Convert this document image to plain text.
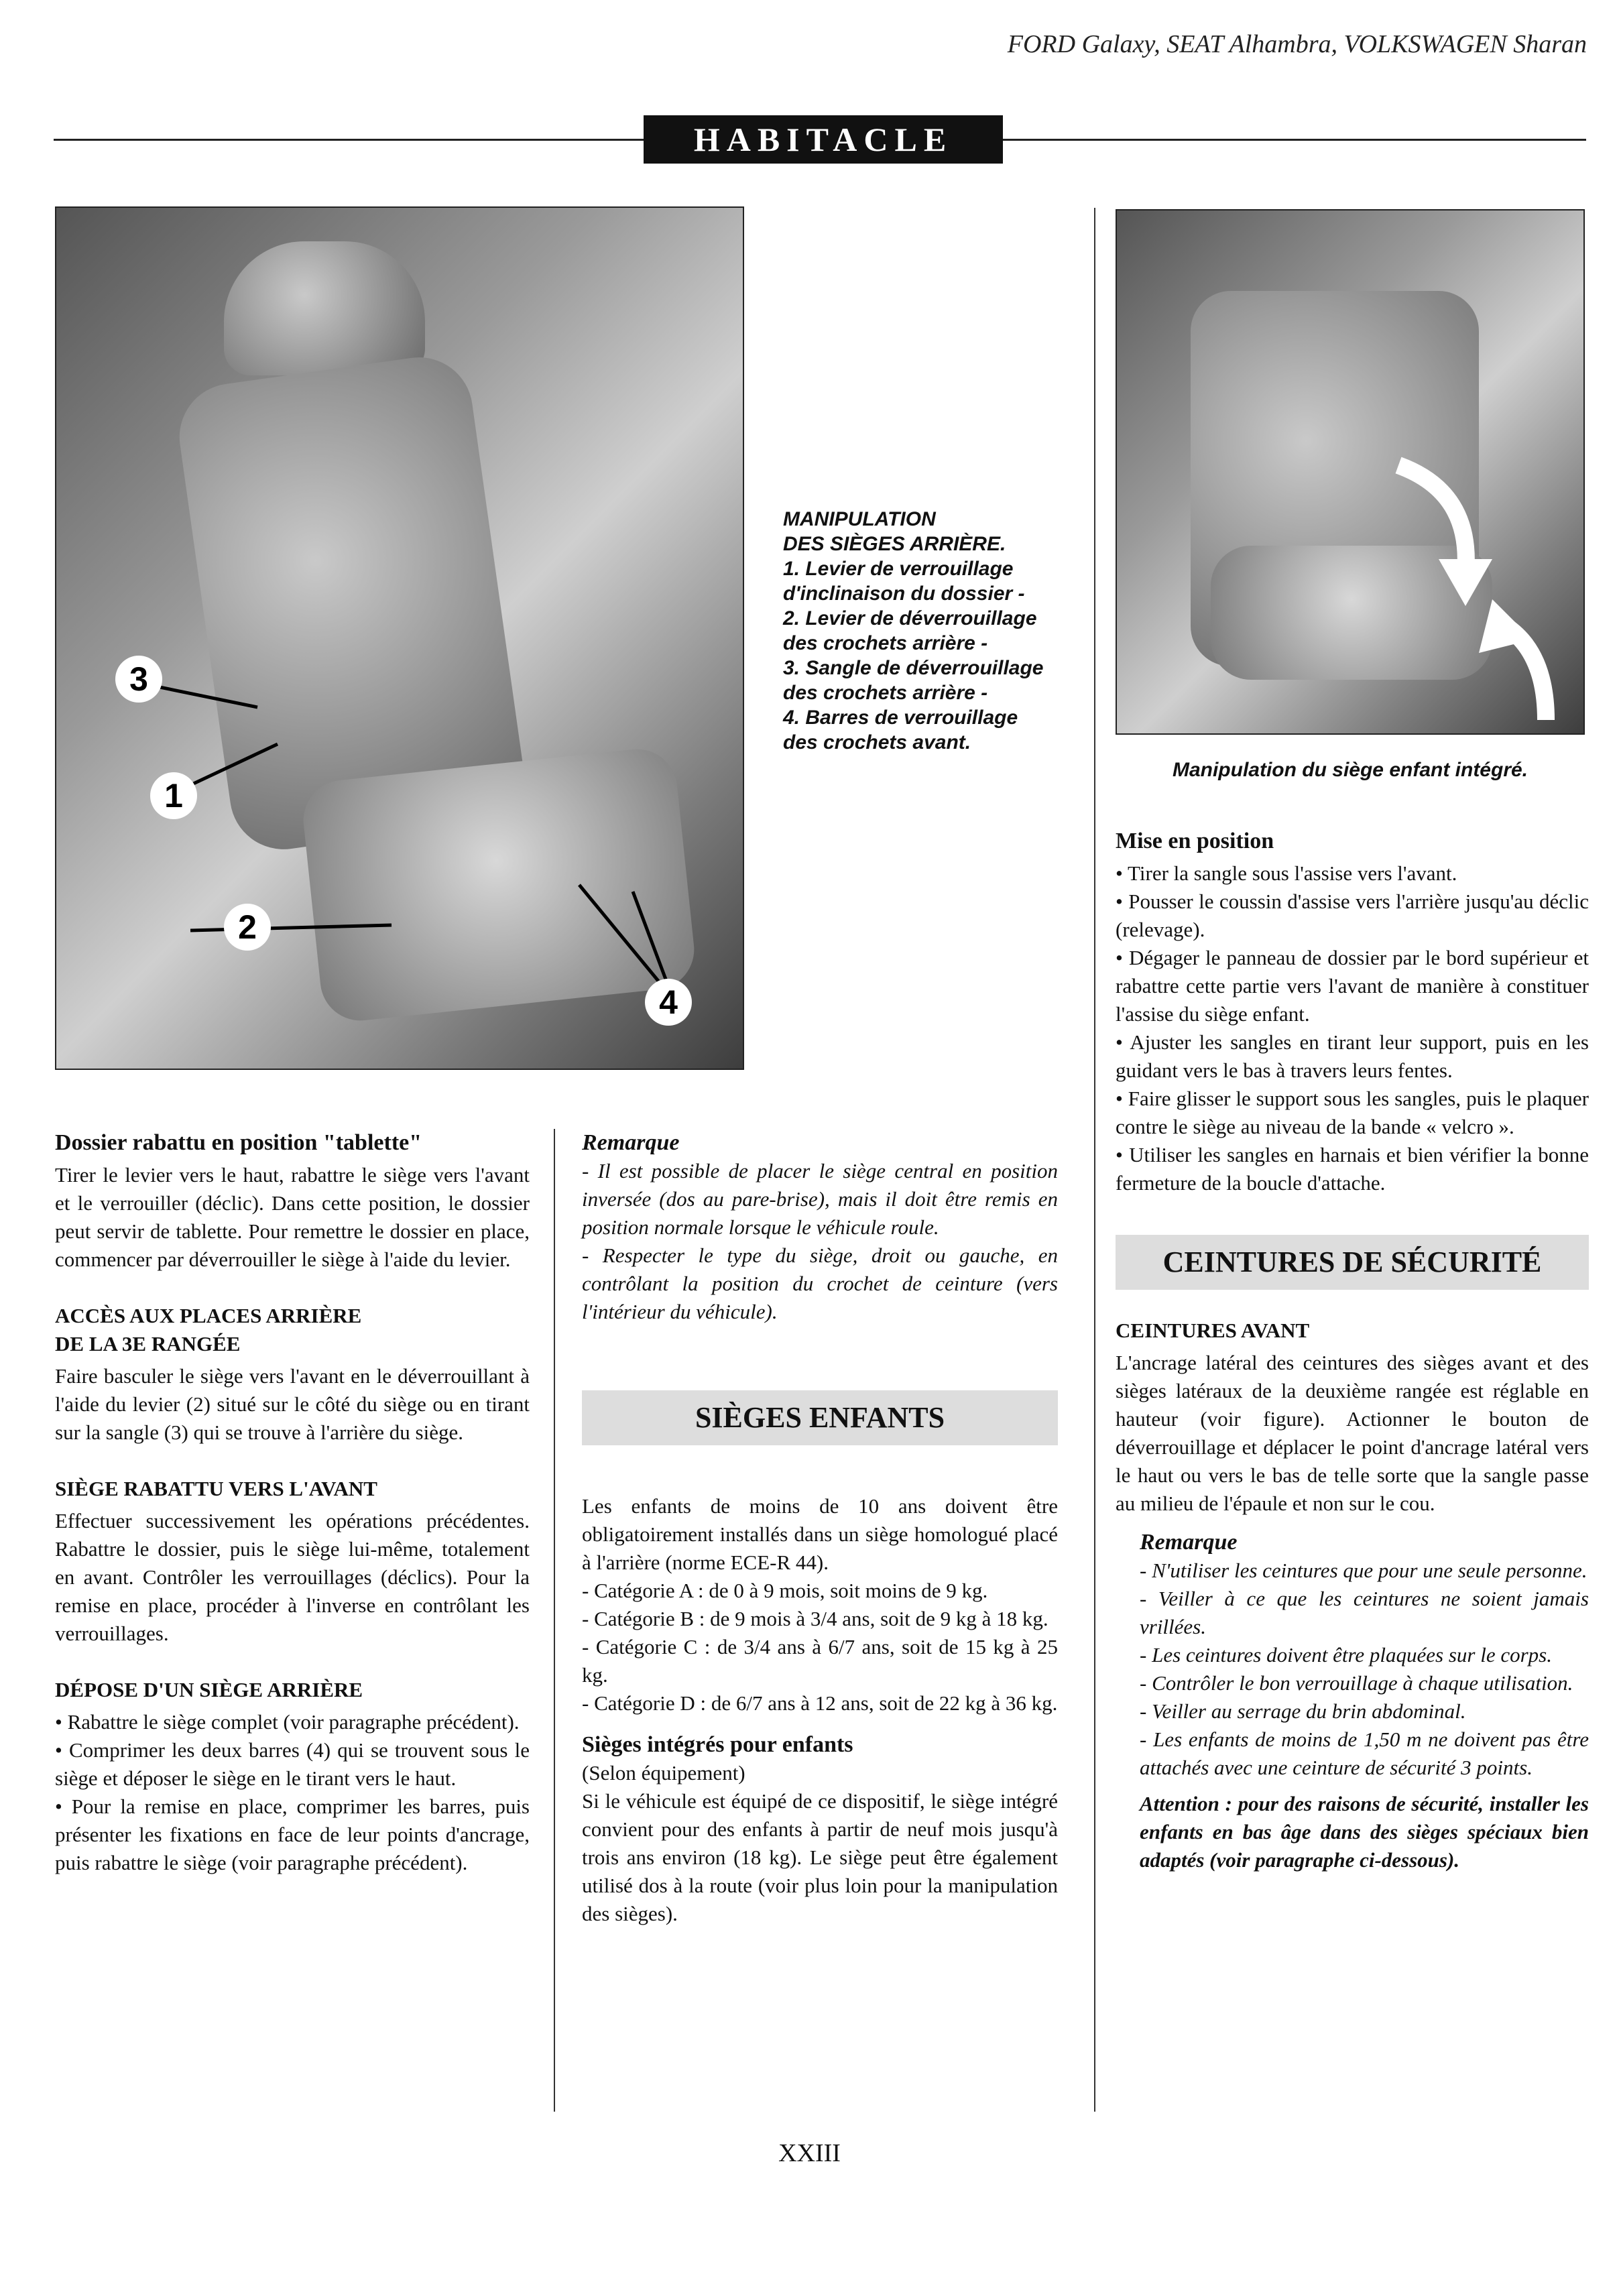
FORD Galaxy, SEAT Alhambra, VOLKSWAGEN Sharan
HABITACLE
3
1
2
4
MANIPULATION
DES SIÈGES ARRIÈRE.
1. Levier de verrouillage
d'inclinaison du dossier -
2. Levier de déverrouillage
des crochets arrière -
3. Sangle de déverrouillage
des crochets arrière -
4. Barres de verrouillage
des crochets avant.
Manipulation du siège enfant intégré.
Dossier rabattu en position "tablette"

Tirer le levier vers le haut, rabattre le siège vers l'avant et le verrouiller (déclic). Dans cette position, le dossier peut servir de tablette. Pour remettre le dossier en place, commencer par déverrouiller le siège à l'aide du levier.

ACCÈS AUX PLACES ARRIÈRE
DE LA 3E RANGÉE

Faire basculer le siège vers l'avant en le déverrouillant à l'aide du levier (2) situé sur le côté du siège ou en tirant sur la sangle (3) qui se trouve à l'arrière du siège.

SIÈGE RABATTU VERS L'AVANT

Effectuer successivement les opérations précédentes. Rabattre le dossier, puis le siège lui-même, totalement en avant. Contrôler les verrouillages (déclics). Pour la remise en place, procéder à l'inverse en contrôlant les verrouillages.

DÉPOSE D'UN SIÈGE ARRIÈRE

• Rabattre le siège complet (voir paragraphe précédent).

• Comprimer les deux barres (4) qui se trouvent sous le siège et déposer le siège en le tirant vers le haut.

• Pour la remise en place, comprimer les barres, puis présenter les fixations en face de leur points d'ancrage, puis rabattre le siège (voir paragraphe précédent).

Remarque

- Il est possible de placer le siège central en position inversée (dos au pare-brise), mais il doit être remis en position normale lorsque le véhicule roule.

- Respecter le type du siège, droit ou gauche, en contrôlant la position du crochet de ceinture (vers l'intérieur du véhicule).

SIÈGES ENFANTS

Les enfants de moins de 10 ans doivent être obligatoirement installés dans un siège homologué placé à l'arrière (norme ECE-R 44).

- Catégorie A : de 0 à 9 mois, soit moins de 9 kg.

- Catégorie B : de 9 mois à 3/4 ans, soit de 9 kg à 18 kg.

- Catégorie C : de 3/4 ans à 6/7 ans, soit de 15 kg à 25 kg.

- Catégorie D : de 6/7 ans à 12 ans, soit de 22 kg à 36 kg.

Sièges intégrés pour enfants

(Selon équipement)

Si le véhicule est équipé de ce dispositif, le siège intégré convient pour des enfants à partir de neuf mois jusqu'à trois ans environ (18 kg). Le siège peut être également utilisé dos à la route (voir plus loin pour la manipulation des sièges).

Mise en position

• Tirer la sangle sous l'assise vers l'avant.

• Pousser le coussin d'assise vers l'arrière jusqu'au déclic (relevage).

• Dégager le panneau de dossier par le bord supérieur et rabattre cette partie vers l'avant de manière à constituer l'assise du siège enfant.

• Ajuster les sangles en tirant leur support, puis en les guidant vers le bas à travers leurs fentes.

• Faire glisser le support sous les sangles, puis le plaquer contre le siège au niveau de la bande « velcro ».

• Utiliser les sangles en harnais et bien vérifier la bonne fermeture de la boucle d'attache.

CEINTURES DE SÉCURITÉ
CEINTURES AVANT

L'ancrage latéral des ceintures des sièges avant et des sièges latéraux de la deuxième rangée est réglable en hauteur (voir figure). Actionner le bouton de déverrouillage et déplacer le point d'ancrage latéral vers le haut ou vers le bas de telle sorte que la sangle passe au milieu de l'épaule et non sur le cou.

Remarque

- N'utiliser les ceintures que pour une seule personne.

- Veiller à ce que les ceintures ne soient jamais vrillées.

- Les ceintures doivent être plaquées sur le corps.

- Contrôler le bon verrouillage à chaque utilisation.

- Veiller au serrage du brin abdominal.

- Les enfants de moins de 1,50 m ne doivent pas être attachés avec une ceinture de sécurité 3 points.

Attention : pour des raisons de sécurité, installer les enfants en bas âge dans des sièges spéciaux bien adaptés (voir paragraphe ci-dessous).

XXIII
